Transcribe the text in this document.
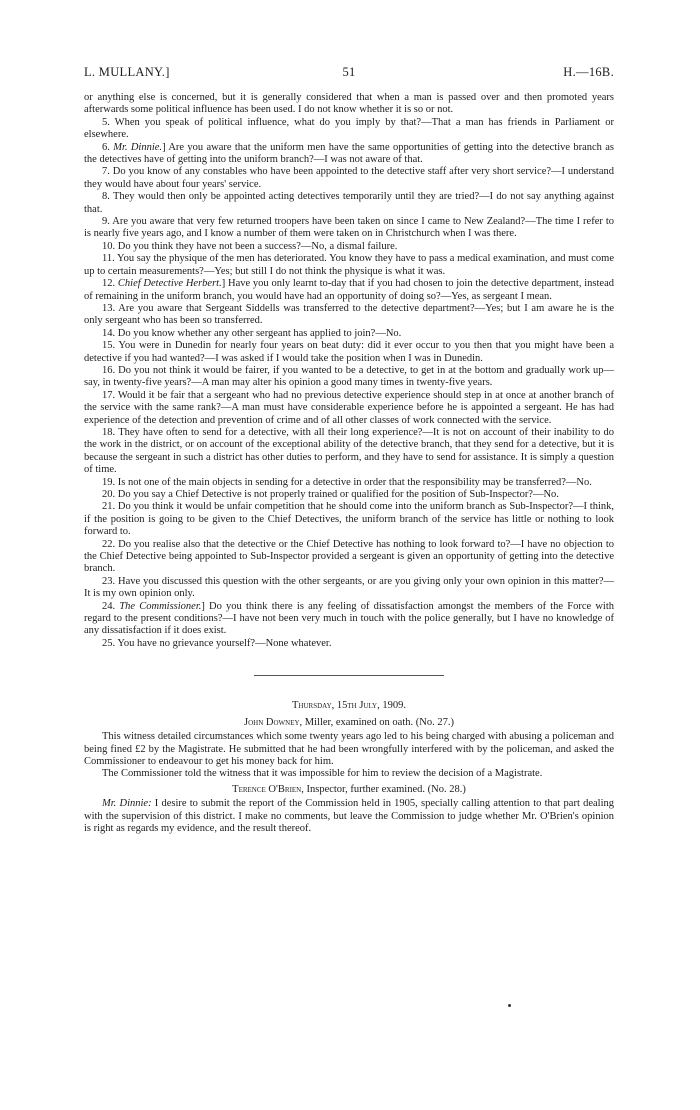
L. MULLANY.]	51	H.—16B.

or anything else is concerned, but it is generally considered that when a man is passed over and then promoted years afterwards some political influence has been used. I do not know whether it is so or not.

5. When you speak of political influence, what do you imply by that?—That a man has friends in Parliament or elsewhere.

6. Mr. Dinnie.] Are you aware that the uniform men have the same opportunities of getting into the detective branch as the detectives have of getting into the uniform branch?—I was not aware of that.

7. Do you know of any constables who have been appointed to the detective staff after very short service?—I understand they would have about four years' service.

8. They would then only be appointed acting detectives temporarily until they are tried?—I do not say anything against that.

9. Are you aware that very few returned troopers have been taken on since I came to New Zealand?—The time I refer to is nearly five years ago, and I know a number of them were taken on in Christchurch when I was there.

10. Do you think they have not been a success?—No, a dismal failure.

11. You say the physique of the men has deteriorated. You know they have to pass a medical examination, and must come up to certain measurements?—Yes; but still I do not think the physique is what it was.

12. Chief Detective Herbert.] Have you only learnt to-day that if you had chosen to join the detective department, instead of remaining in the uniform branch, you would have had an opportunity of doing so?—Yes, as sergeant I mean.

13. Are you aware that Sergeant Siddells was transferred to the detective department?—Yes; but I am aware he is the only sergeant who has been so transferred.

14. Do you know whether any other sergeant has applied to join?—No.

15. You were in Dunedin for nearly four years on beat duty: did it ever occur to you then that you might have been a detective if you had wanted?—I was asked if I would take the position when I was in Dunedin.

16. Do you not think it would be fairer, if you wanted to be a detective, to get in at the bottom and gradually work up—say, in twenty-five years?—A man may alter his opinion a good many times in twenty-five years.

17. Would it be fair that a sergeant who had no previous detective experience should step in at once at another branch of the service with the same rank?—A man must have considerable experience before he is appointed a sergeant. He has had experience of the detection and prevention of crime and of all other classes of work connected with the service.

18. They have often to send for a detective, with all their long experience?—It is not on account of their inability to do the work in the district, or on account of the exceptional ability of the detective branch, that they send for a detective, but it is because the sergeant in such a district has other duties to perform, and they have to send for assistance. It is simply a question of time.

19. Is not one of the main objects in sending for a detective in order that the responsibility may be transferred?—No.

20. Do you say a Chief Detective is not properly trained or qualified for the position of Sub-Inspector?—No.

21. Do you think it would be unfair competition that he should come into the uniform branch as Sub-Inspector?—I think, if the position is going to be given to the Chief Detectives, the uniform branch of the service has little or nothing to look forward to.

22. Do you realise also that the detective or the Chief Detective has nothing to look forward to?—I have no objection to the Chief Detective being appointed to Sub-Inspector provided a sergeant is given an opportunity of getting into the detective branch.

23. Have you discussed this question with the other sergeants, or are you giving only your own opinion in this matter?—It is my own opinion only.

24. The Commissioner.] Do you think there is any feeling of dissatisfaction amongst the members of the Force with regard to the present conditions?—I have not been very much in touch with the police generally, but I have no knowledge of any dissatisfaction if it does exist.

25. You have no grievance yourself?—None whatever.

Thursday, 15th July, 1909.

John Downey, Miller, examined on oath. (No. 27.)

This witness detailed circumstances which some twenty years ago led to his being charged with abusing a policeman and being fined £2 by the Magistrate. He submitted that he had been wrongfully interfered with by the policeman, and asked the Commissioner to endeavour to get his money back for him.

The Commissioner told the witness that it was impossible for him to review the decision of a Magistrate.

Terence O'Brien, Inspector, further examined. (No. 28.)

Mr. Dinnie: I desire to submit the report of the Commission held in 1905, specially calling attention to that part dealing with the supervision of this district. I make no comments, but leave the Commission to judge whether Mr. O'Brien's opinion is right as regards my evidence, and the result thereof.
